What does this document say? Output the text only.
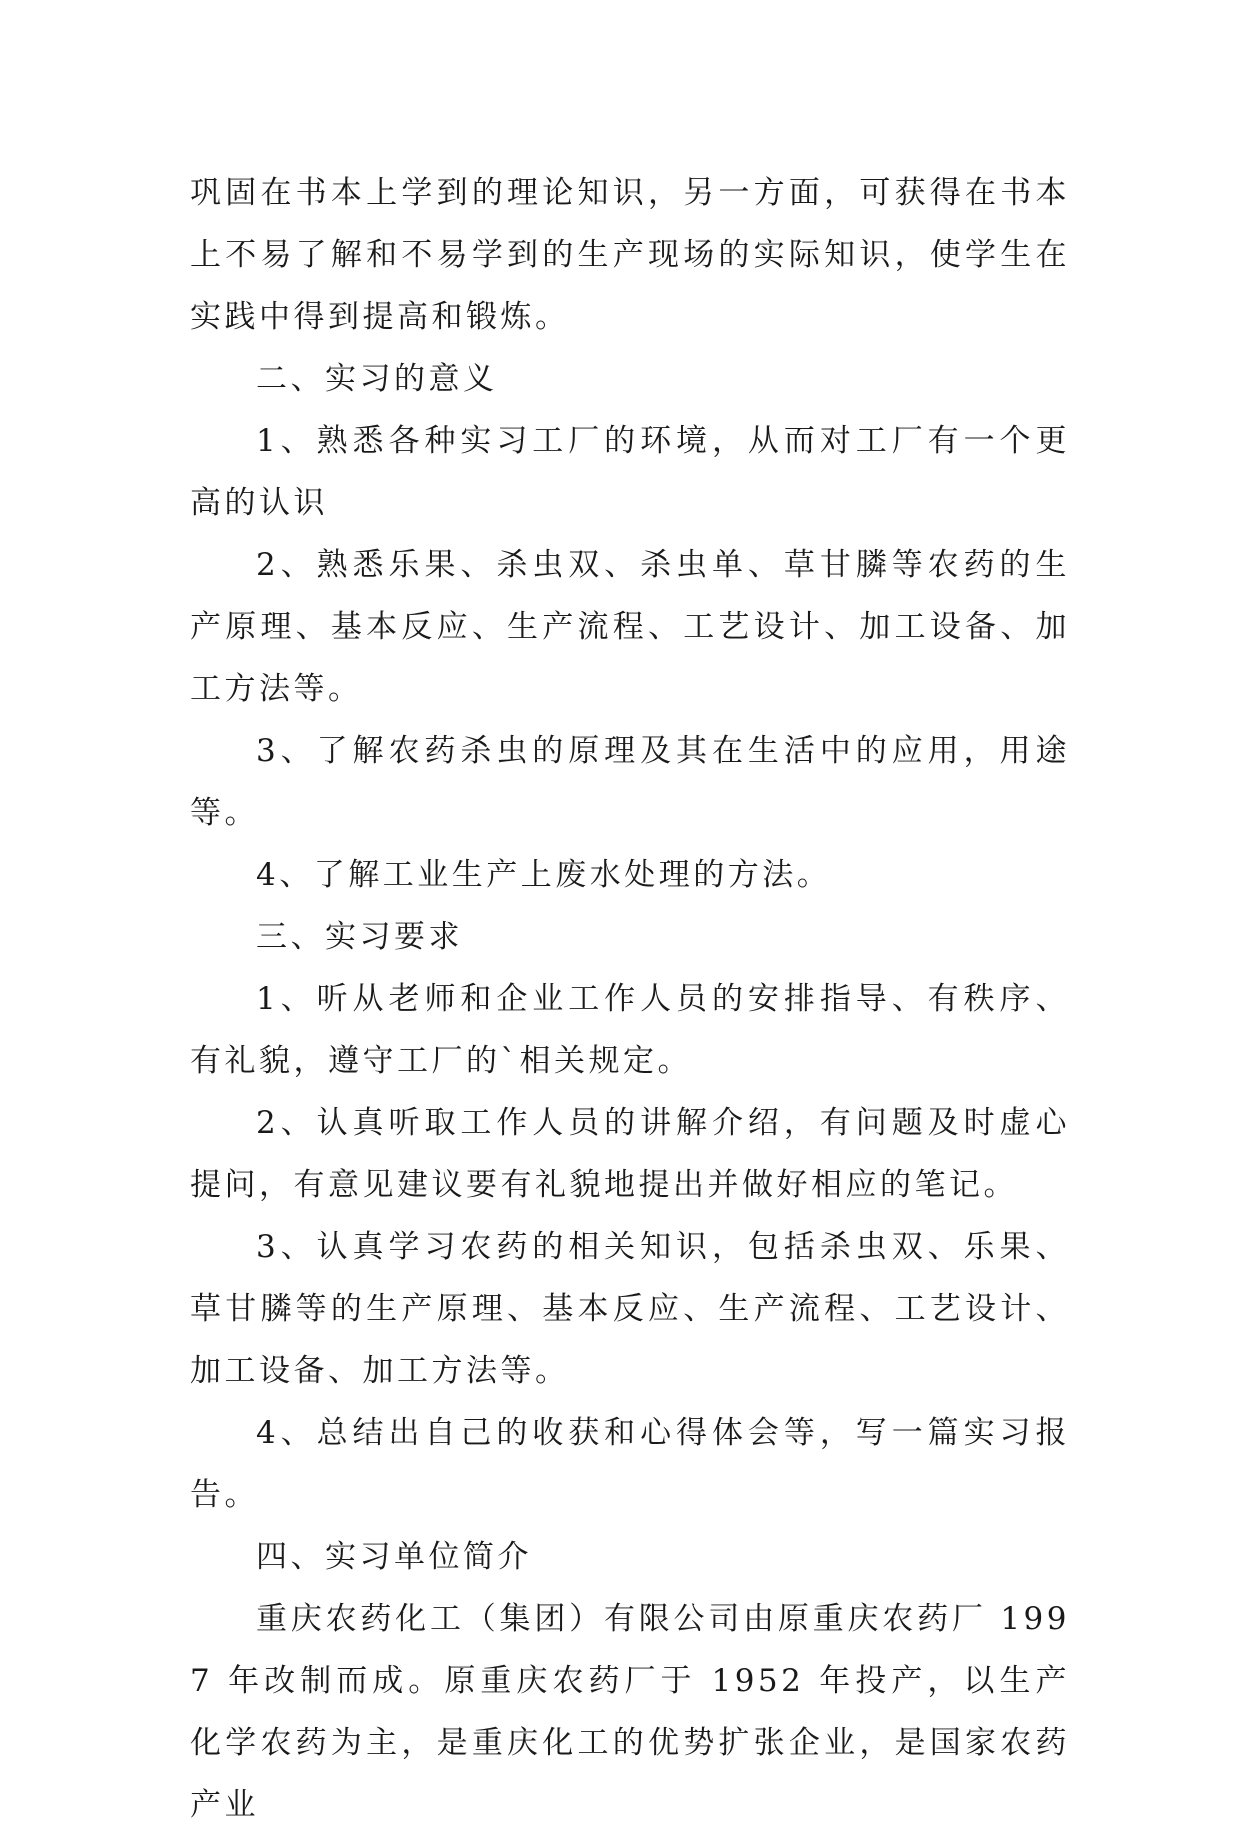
巩固在书本上学到的理论知识，另一方面，可获得在书本上不易了解和不易学到的生产现场的实际知识，使学生在实践中得到提高和锻炼。

二、实习的意义

1、熟悉各种实习工厂的环境，从而对工厂有一个更高的认识

2、熟悉乐果、杀虫双、杀虫单、草甘膦等农药的生产原理、基本反应、生产流程、工艺设计、加工设备、加工方法等。

3、了解农药杀虫的原理及其在生活中的应用，用途等。

4、了解工业生产上废水处理的方法。

三、实习要求

1、听从老师和企业工作人员的安排指导、有秩序、有礼貌，遵守工厂的`相关规定。

2、认真听取工作人员的讲解介绍，有问题及时虚心提问，有意见建议要有礼貌地提出并做好相应的笔记。

3、认真学习农药的相关知识，包括杀虫双、乐果、草甘膦等的生产原理、基本反应、生产流程、工艺设计、加工设备、加工方法等。

4、总结出自己的收获和心得体会等，写一篇实习报告。

四、实习单位简介

重庆农药化工（集团）有限公司由原重庆农药厂 1997 年改制而成。原重庆农药厂于 1952 年投产，以生产化学农药为主，是重庆化工的优势扩张企业，是国家农药产业
